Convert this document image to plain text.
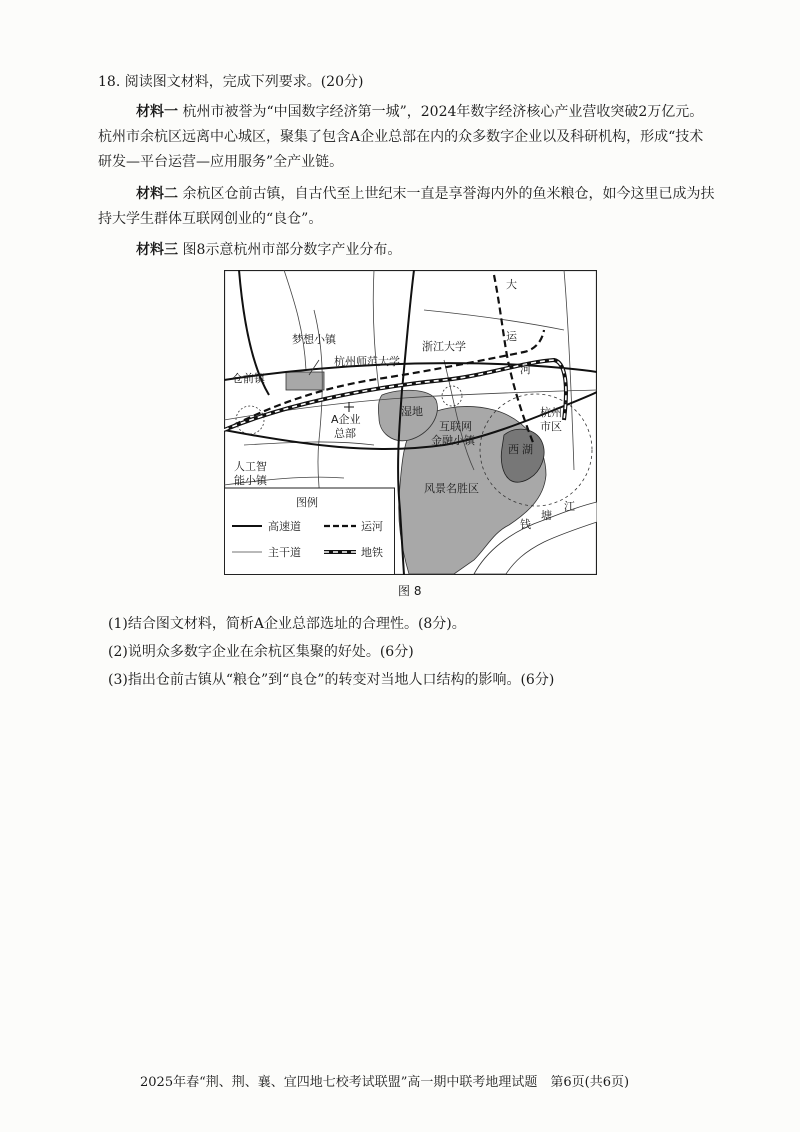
18. 阅读图文材料，完成下列要求。(20分)
材料一 杭州市被誉为“中国数字经济第一城”，2024年数字经济核心产业营收突破2万亿元。
杭州市余杭区远离中心城区，聚集了包含A企业总部在内的众多数字企业以及科研机构，形成“技术
研发—平台运营—应用服务”全产业链。
材料二 余杭区仓前古镇，自古代至上世纪末一直是享誉海内外的鱼米粮仓，如今这里已成为扶
持大学生群体互联网创业的“良仓”。
材料三 图8示意杭州市部分数字产业分布。
大
运
河
梦想小镇
杭州师范大学
浙江大学
仓前镇
湿地
A企业
总部
互联网
金融小镇
杭州
市区
西 湖
人工智
能小镇
风景名胜区
钱
塘
江
图例
高速道	运河
主干道	地铁
图 8
(1)结合图文材料，简析A企业总部选址的合理性。(8分)。
(2)说明众多数字企业在余杭区集聚的好处。(6分)
(3)指出仓前古镇从“粮仓”到“良仓”的转变对当地人口结构的影响。(6分)
2025年春“荆、荆、襄、宜四地七校考试联盟”高一期中联考地理试题　第6页(共6页)
